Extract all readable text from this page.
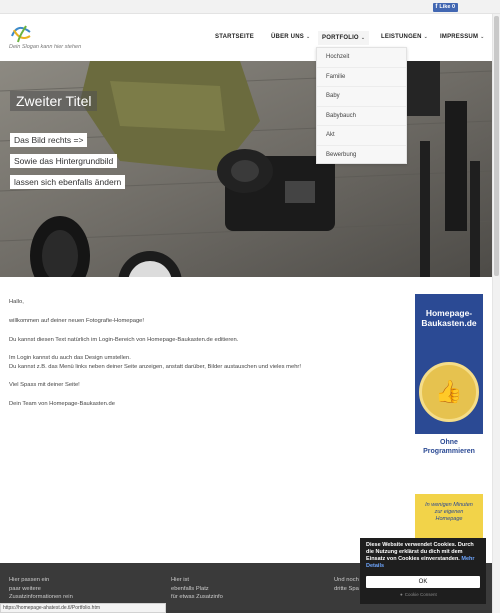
f Like 0
Dein Slogan kann hier stehen
STARTSEITE	ÜBER UNS ⌄ PORTFOLIO ⌄	LEISTUNGEN ⌄ IMPRESSUM ⌄
Zweiter Titel
Das Bild rechts =>
Sowie das Hintergrundbild
lassen sich ebenfalls ändern
Hochzeit
Familie
Baby
Babybauch
Akt
Bewerbung

Hallo,

willkommen auf deiner neuen Fotografie-Homepage!

Du kannst diesen Text natürlich im Login-Bereich von Homepage-Baukasten.de editieren.

Im Login kannst du auch das Design umstellen.
Du kannst z.B. das Menü links neben deiner Seite anzeigen, anstatt darüber, Bilder austauschen und vieles mehr!

Viel Spass mit deiner Seite!

Dein Team von Homepage-Baukasten.de

Homepage-
Baukasten.de
👍
Ohne
Programmieren
In wenigen Minuten
zur eigenen
Homepage
Hier passen ein
paar weitere
Zusatzinformationen rein
Hier ist
ebenfalls Platz
für etwas Zusatzinfo
Und noch
dritte Spa
https://homepage-ahatest.de.tl/Portfolio.htm
Diese Website verwendet Cookies. Durch die Nutzung erklärst du dich mit dem Einsatz von Cookies einverstanden. Mehr Details
OK
● Cookie Consent
